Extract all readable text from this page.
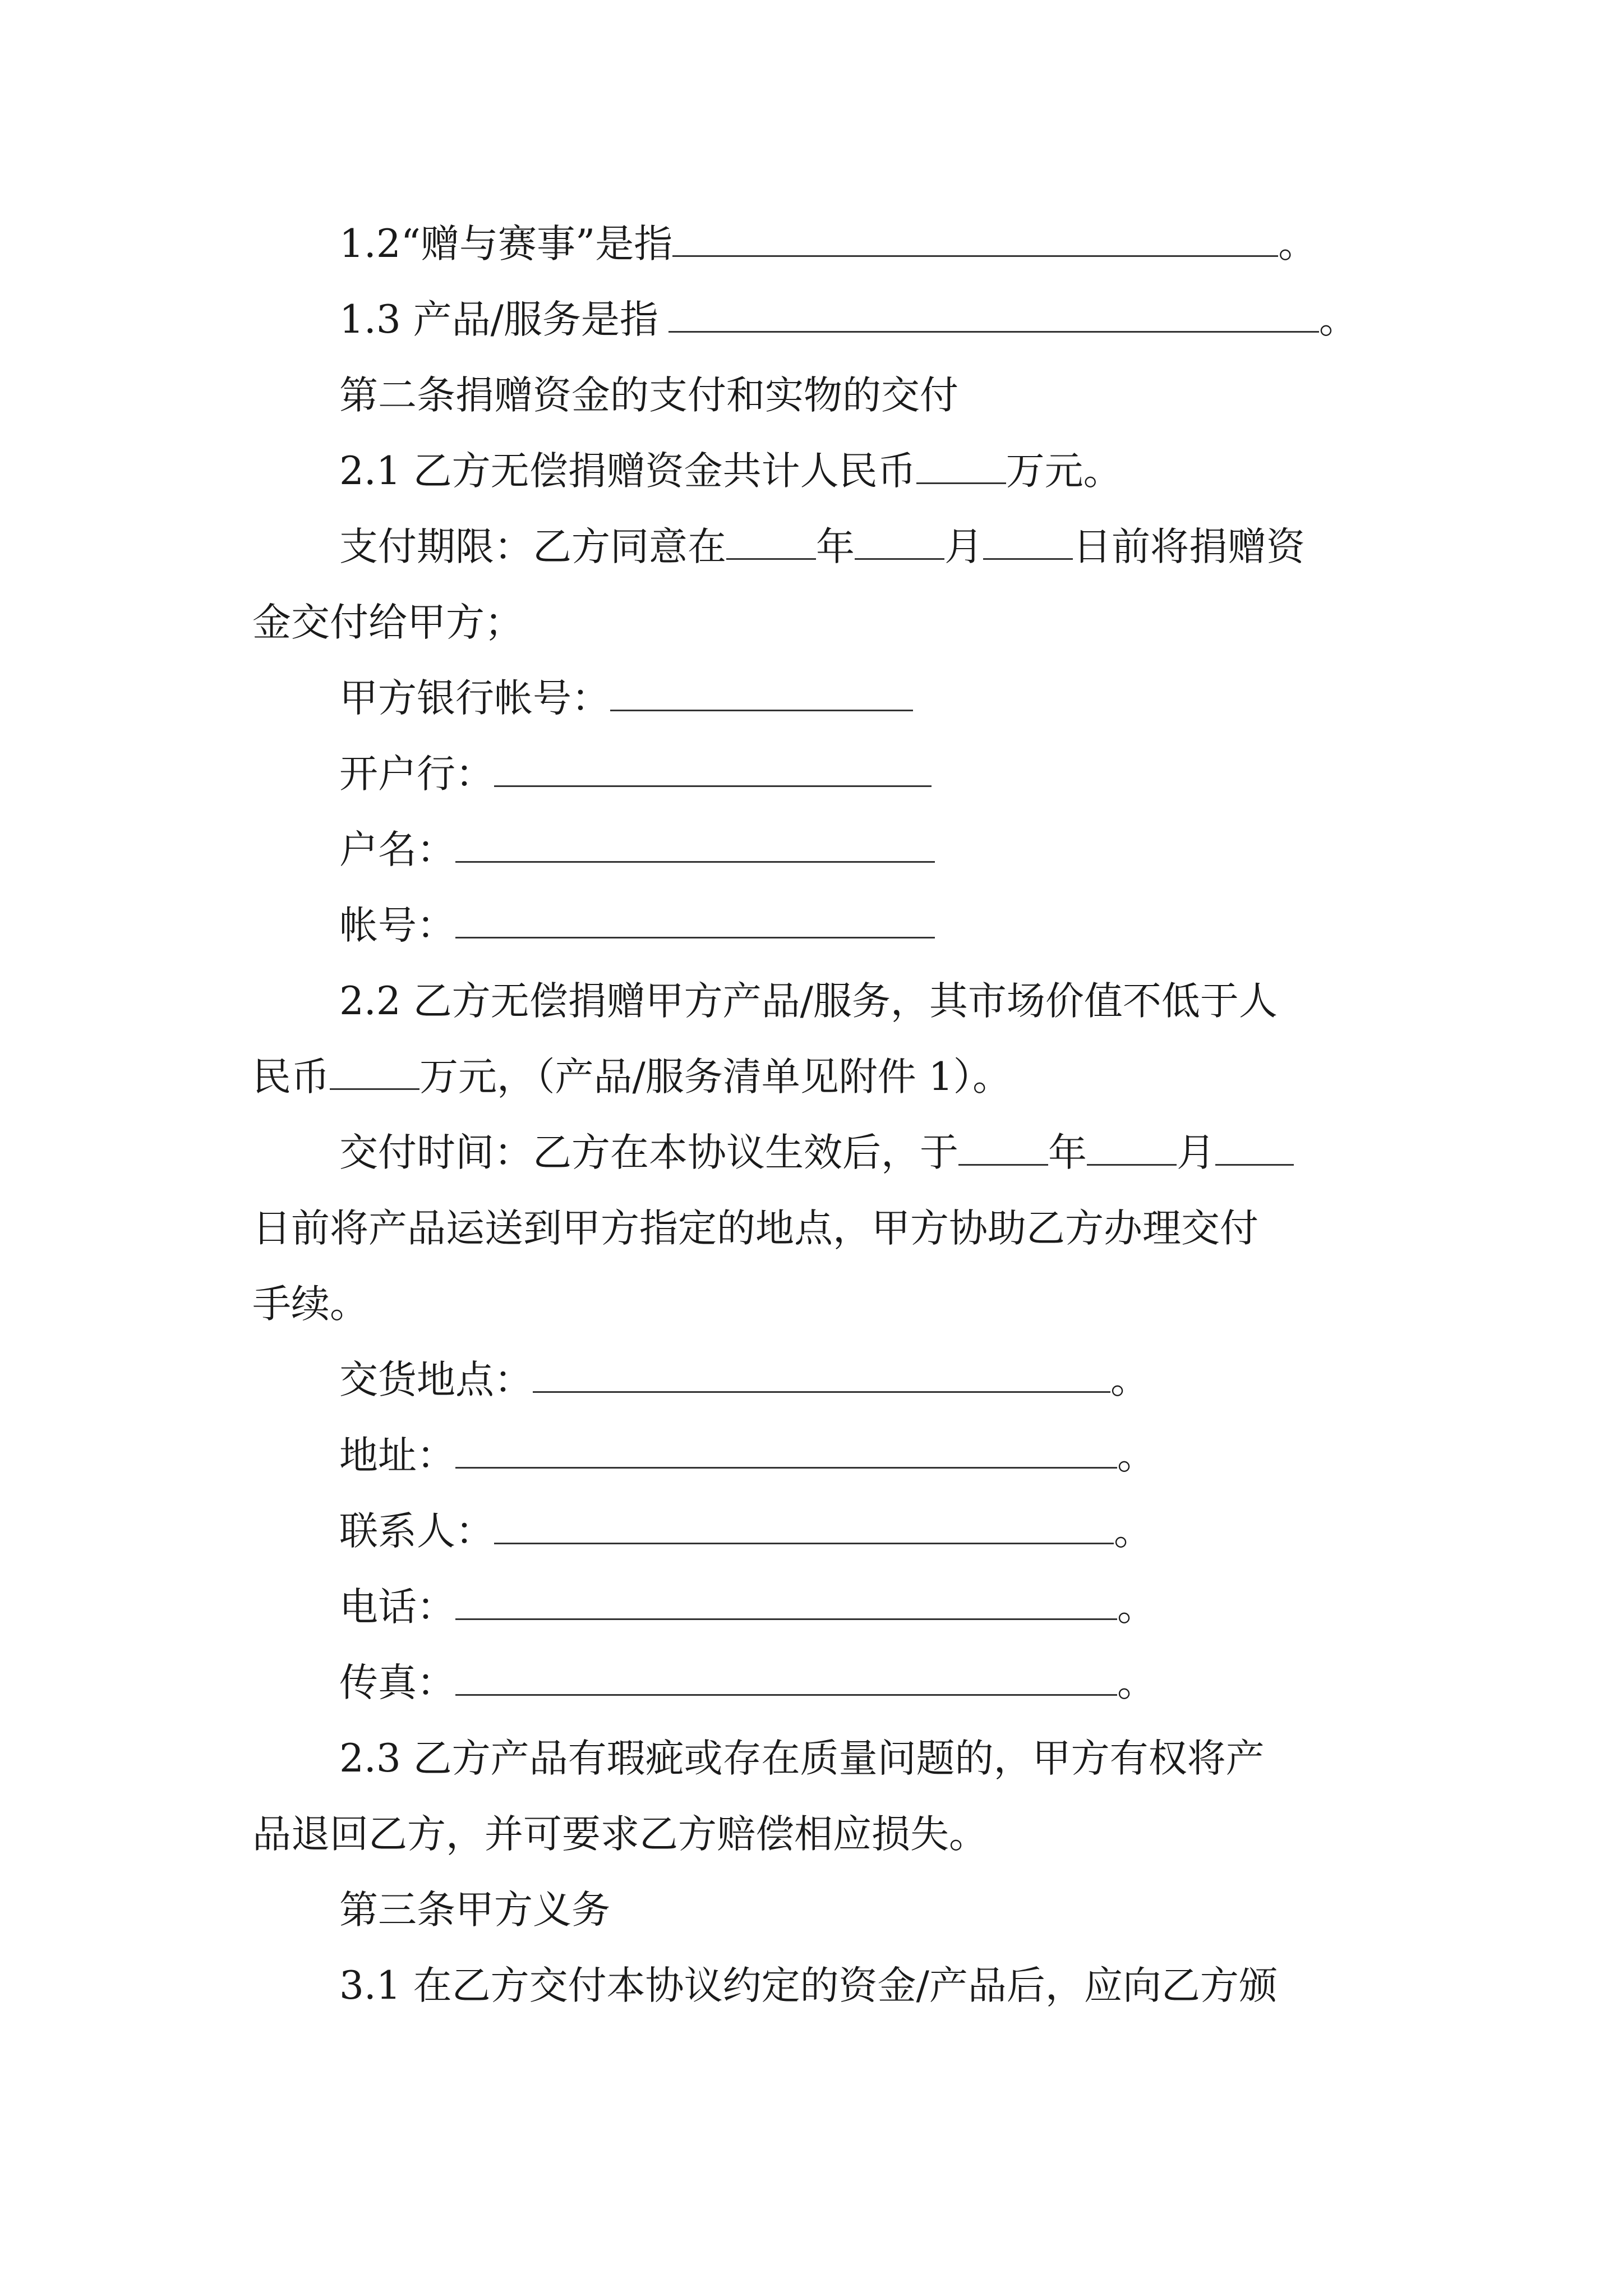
1.2“赠与赛事”是指	。
1.3 产品/服务是指	。
第二条捐赠资金的支付和实物的交付
2.1 乙方无偿捐赠资金共计人民币 万元。
支付期限：乙方同意在 年 月 日前将捐赠资
金交付给甲方；
甲方银行帐号：
开户行：
户名：
帐号：
2.2 乙方无偿捐赠甲方产品/服务，其市场价值不低于人
民币 万元，（产品/服务清单见附件 1）。
交付时间：乙方在本协议生效后，于 年 月
日前将产品运送到甲方指定的地点，甲方协助乙方办理交付
手续。
交货地点：	。
地址：	。
联系人：	。
电话：	。
传真：	。
2.3 乙方产品有瑕疵或存在质量问题的，甲方有权将产
品退回乙方，并可要求乙方赔偿相应损失。
第三条甲方义务
3.1 在乙方交付本协议约定的资金/产品后，应向乙方颁
